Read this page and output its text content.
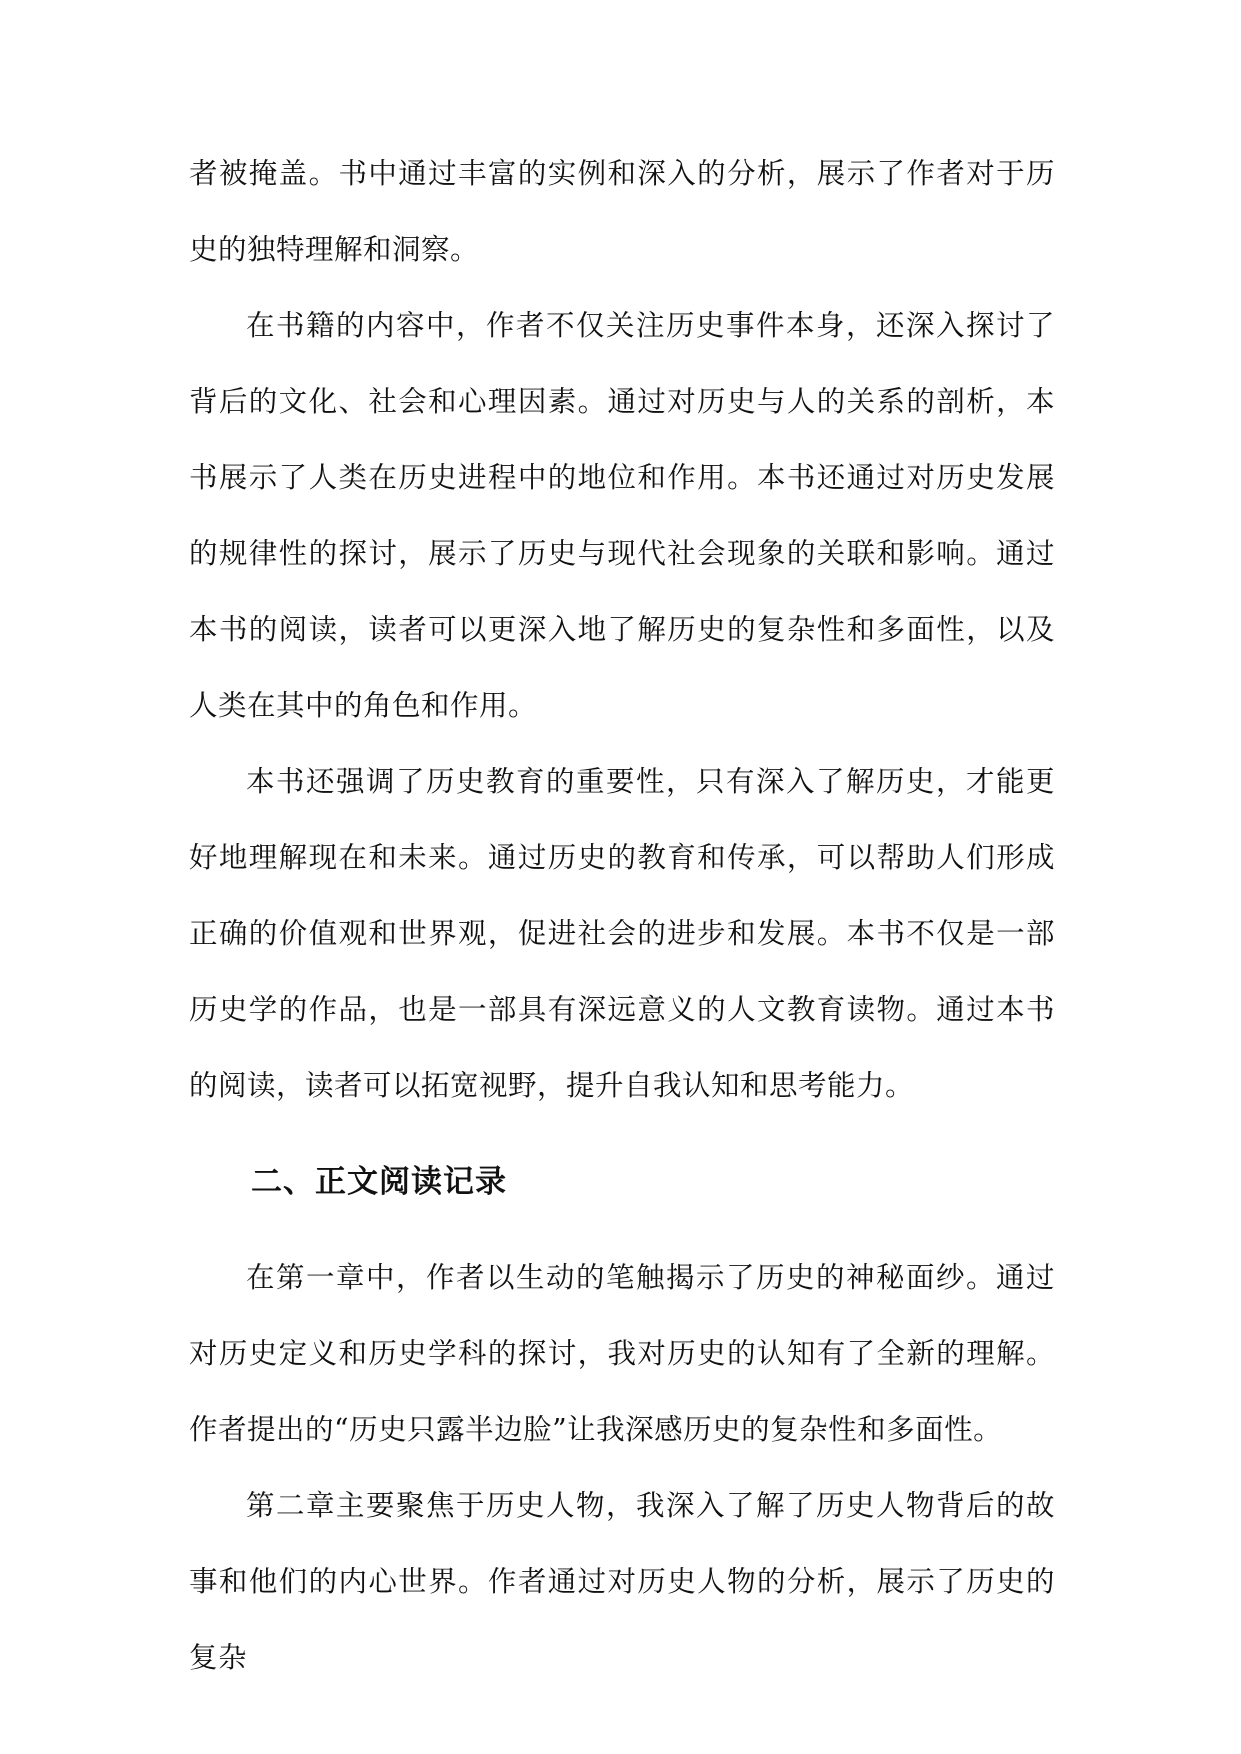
者被掩盖。书中通过丰富的实例和深入的分析，展示了作者对于历史的独特理解和洞察。

在书籍的内容中，作者不仅关注历史事件本身，还深入探讨了背后的文化、社会和心理因素。通过对历史与人的关系的剖析，本书展示了人类在历史进程中的地位和作用。本书还通过对历史发展的规律性的探讨，展示了历史与现代社会现象的关联和影响。通过本书的阅读，读者可以更深入地了解历史的复杂性和多面性，以及人类在其中的角色和作用。

本书还强调了历史教育的重要性，只有深入了解历史，才能更好地理解现在和未来。通过历史的教育和传承，可以帮助人们形成正确的价值观和世界观，促进社会的进步和发展。本书不仅是一部历史学的作品，也是一部具有深远意义的人文教育读物。通过本书的阅读，读者可以拓宽视野，提升自我认知和思考能力。

二、正文阅读记录

在第一章中，作者以生动的笔触揭示了历史的神秘面纱。通过对历史定义和历史学科的探讨，我对历史的认知有了全新的理解。作者提出的“历史只露半边脸”让我深感历史的复杂性和多面性。

第二章主要聚焦于历史人物，我深入了解了历史人物背后的故事和他们的内心世界。作者通过对历史人物的分析，展示了历史的复杂
